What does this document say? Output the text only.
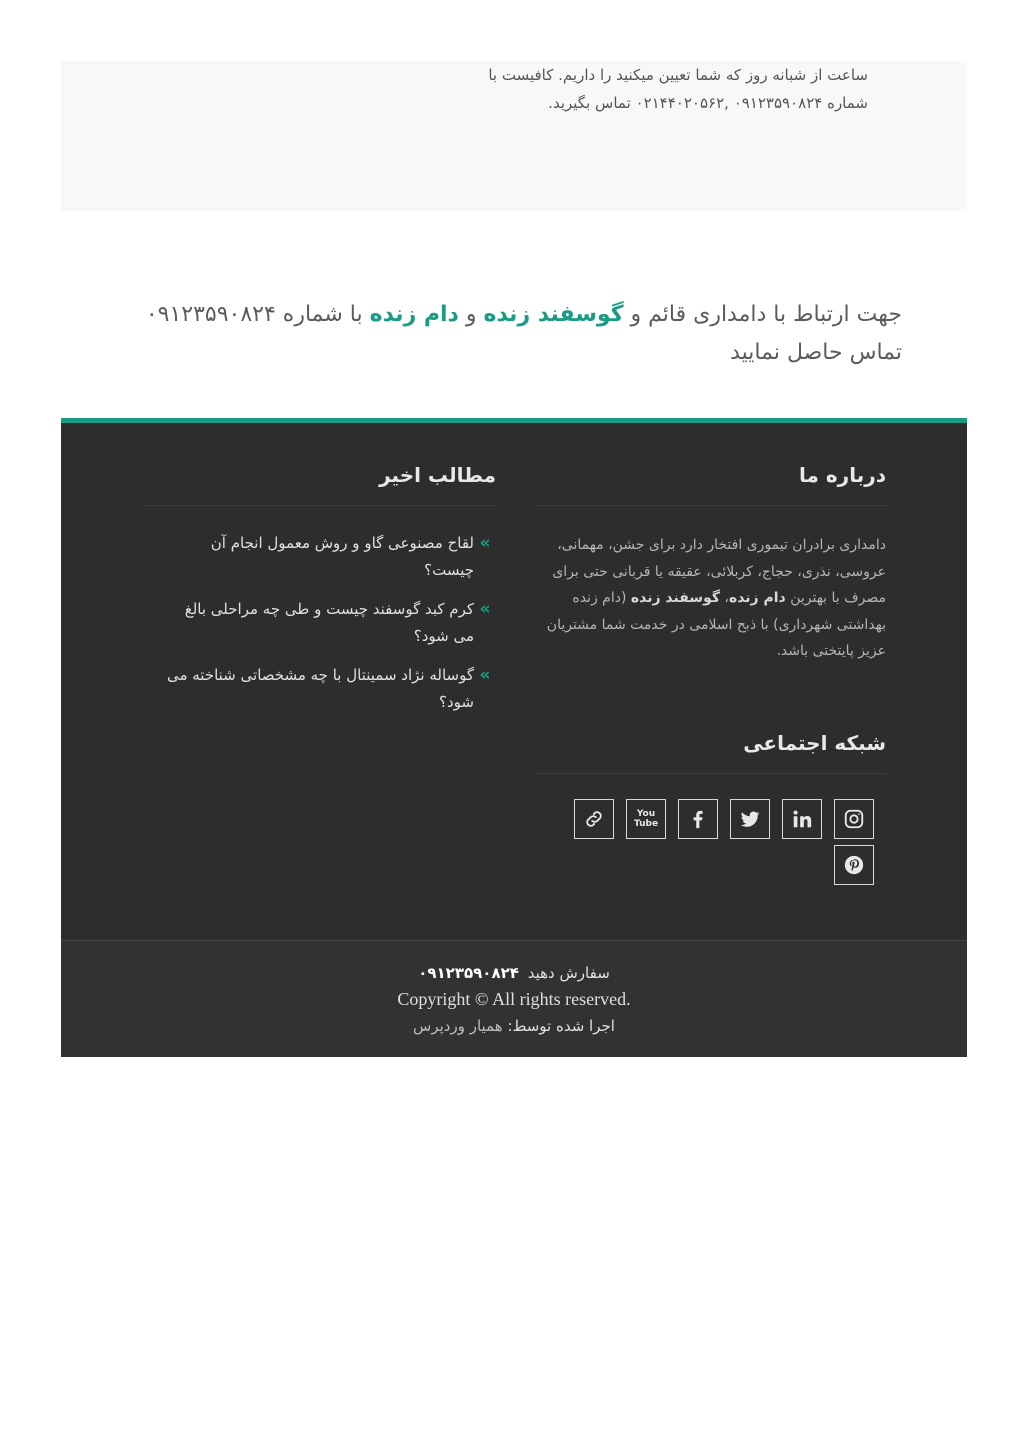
ساعت از شبانه روز که شما تعیین میکنید را داریم. کافیست با
شماره ۰۹۱۲۳۵۹۰۸۲۴ ,۰۲۱۴۴۰۲۰۵۶۲ تماس بگیرید.
جهت ارتباط با دامداری قائم و گوسفند زنده و دام زنده با شماره ۰۹۱۲۳۵۹۰۸۲۴ تماس حاصل نمایید
درباره ما
دامداری برادران تیموری افتخار دارد برای جشن، مهمانی، عروسی، نذری، حجاج، کربلائی، عقیقه یا قربانی حتی برای مصرف با بهترین دام زنده، گوسفند زنده (دام زنده بهداشتی شهرداری) با ذبح اسلامی در خدمت شما مشتریان عزیز پایتختی باشد.
شبکه اجتماعی
You
Tube
مطالب اخیر
»
لقاح مصنوعی گاو و روش معمول انجام آن چیست؟
»
کرم کبد گوسفند چیست و طی چه مراحلی بالغ می شود؟
»
گوساله نژاد سمینتال با چه مشخصاتی شناخته می شود؟
سفارش دهید ۰۹۱۲۳۵۹۰۸۲۴
Copyright © All rights reserved.
اجرا شده توسط: همیار وردپرس
